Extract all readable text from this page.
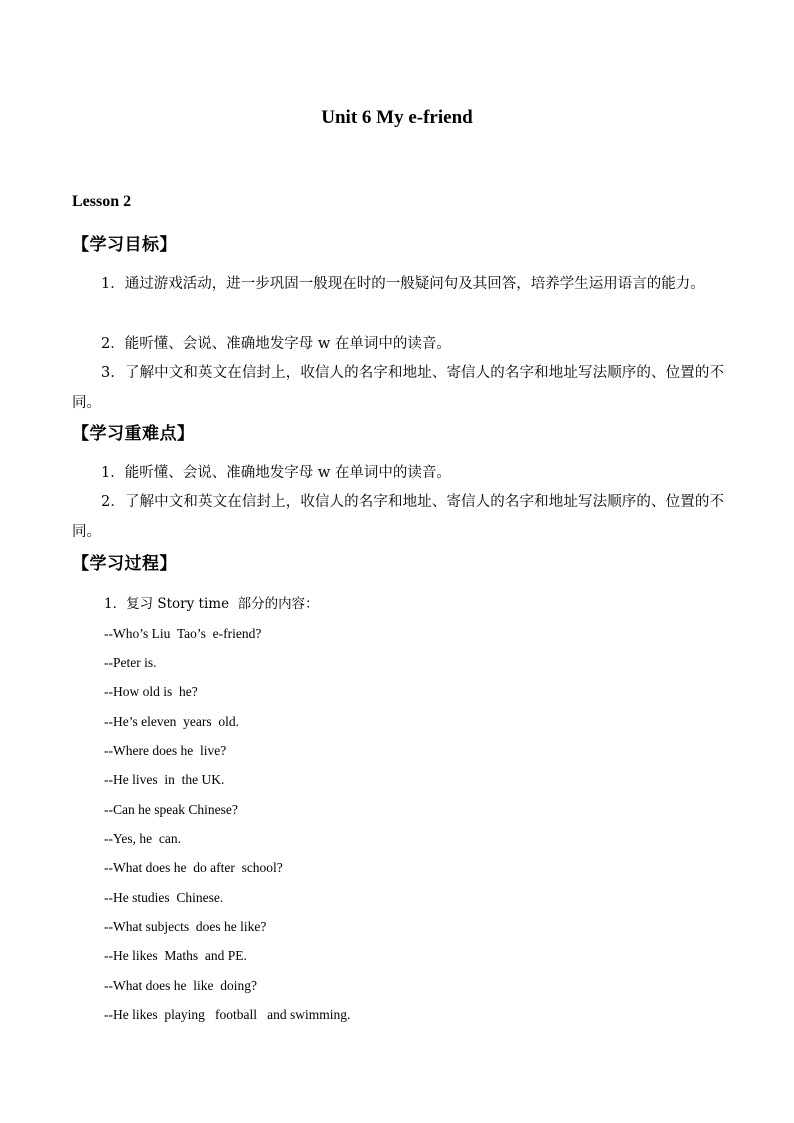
Unit 6 My e-friend
Lesson 2
【学习目标】

1．通过游戏活动，进一步巩固一般现在时的一般疑问句及其回答，培养学生运用语言的能力。

2．能听懂、会说、准确地发字母 w 在单词中的读音。

3．了解中文和英文在信封上，收信人的名字和地址、寄信人的名字和地址写法顺序的、位置的不同。

【学习重难点】

1．能听懂、会说、准确地发字母 w 在单词中的读音。

2．了解中文和英文在信封上，收信人的名字和地址、寄信人的名字和地址写法顺序的、位置的不同。

【学习过程】
1．复习 Story time  部分的内容：
--Who’s Liu  Tao’s  e-friend?
--Peter is.
--How old is  he?
--He’s eleven  years  old.
--Where does he  live?
--He lives  in  the UK.
--Can he speak Chinese?
--Yes, he  can.
--What does he  do after  school?
--He studies  Chinese.
--What subjects  does he like?
--He likes  Maths  and PE.
--What does he  like  doing?
--He likes  playing   football   and swimming.
